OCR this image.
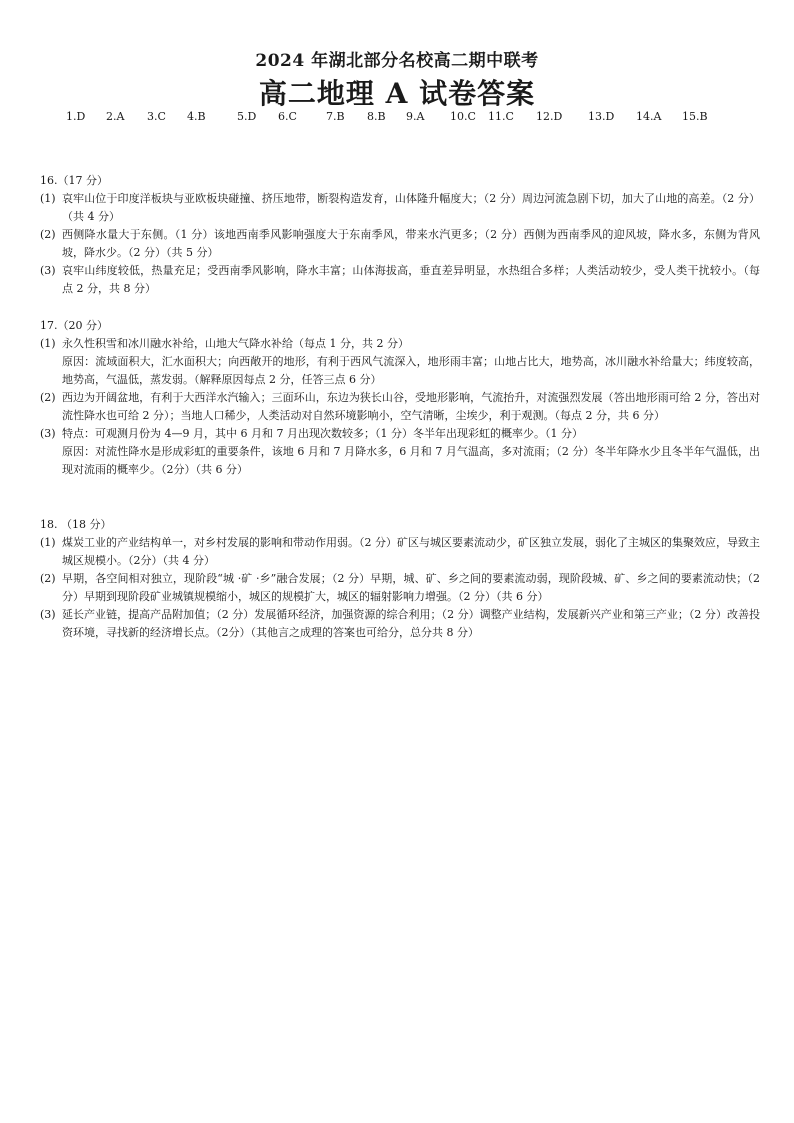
2024 年湖北部分名校高二期中联考
高二地理 A 试卷答案
1.D 2.A 3.C 4.B	5.D 6.C	7.B 8.B 9.A 10.C 11.C 12.D 13.D 14.A 15.B
16.（17 分）
(1) 哀牢山位于印度洋板块与亚欧板块碰撞、挤压地带，断裂构造发育，山体隆升幅度大；（2 分）周边河流急剧下切，加大了山地的高差。（2 分）（共 4 分）

(2) 西侧降水量大于东侧。（1 分）该地西南季风影响强度大于东南季风，带来水汽更多；（2 分）西侧为西南季风的迎风坡，降水多，东侧为背风坡，降水少。（2 分）（共 5 分）

(3) 哀牢山纬度较低，热量充足；受西南季风影响，降水丰富；山体海拔高，垂直差异明显，水热组合多样；人类活动较少，受人类干扰较小。（每点 2 分，共 8 分）

17.（20 分）
(1) 永久性积雪和冰川融水补给，山地大气降水补给（每点 1 分，共 2 分）

原因：流域面积大，汇水面积大；向西敞开的地形，有利于西风气流深入，地形雨丰富；山地占比大，地势高，冰川融水补给量大；纬度较高，地势高，气温低，蒸发弱。（解释原因每点 2 分，任答三点 6 分）

(2) 西边为开阔盆地，有利于大西洋水汽输入；三面环山，东边为狭长山谷，受地形影响，气流抬升，对流强烈发展（答出地形雨可给 2 分，答出对流性降水也可给 2 分）；当地人口稀少，人类活动对自然环境影响小，空气清晰，尘埃少，利于观测。（每点 2 分，共 6 分）

(3) 特点：可观测月份为 4—9 月，其中 6 月和 7 月出现次数较多；（1 分）冬半年出现彩虹的概率少。（1 分）

原因：对流性降水是形成彩虹的重要条件，该地 6 月和 7 月降水多，6 月和 7 月气温高，多对流雨；（2 分）冬半年降水少且冬半年气温低，出现对流雨的概率少。（2分）（共 6 分）

18. （18 分）
(1) 煤炭工业的产业结构单一，对乡村发展的影响和带动作用弱。（2 分）矿区与城区要素流动少，矿区独立发展，弱化了主城区的集聚效应，导致主城区规模小。（2分）（共 4 分）

(2) 早期，各空间相对独立，现阶段“城 ·矿 ·乡”融合发展；（2 分）早期，城、矿、乡之间的要素流动弱，现阶段城、矿、乡之间的要素流动快；（2分）早期到现阶段矿业城镇规模缩小，城区的规模扩大，城区的辐射影响力增强。（2 分）（共 6 分）

(3) 延长产业链，提高产品附加值；（2 分）发展循环经济，加强资源的综合利用；（2 分）调整产业结构，发展新兴产业和第三产业；（2 分）改善投资环境，寻找新的经济增长点。（2分）（其他言之成理的答案也可给分，总分共 8 分）
